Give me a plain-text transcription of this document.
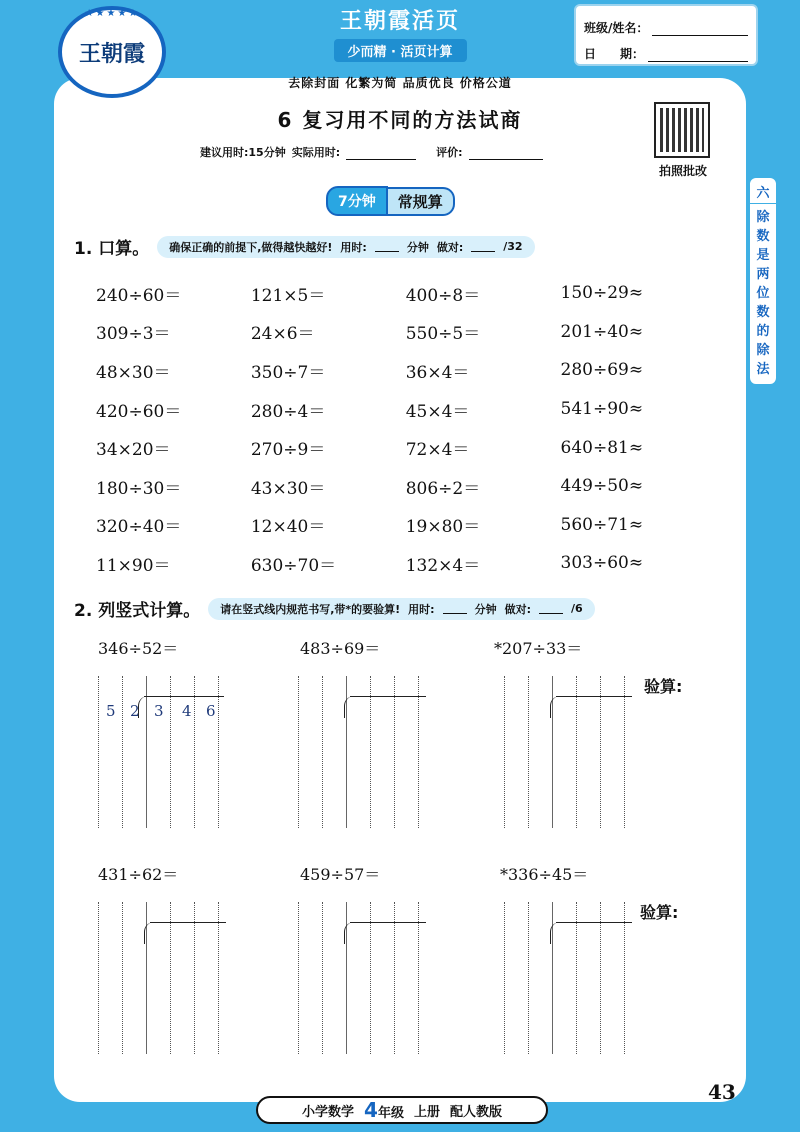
★★★★★
王朝霞
王朝霞活页
少而精 · 活页计算
班级/姓名：
日　　期：
去除封面 化繁为简 品质优良 价格公道
6 复习用不同的方法试商
建议用时:15分钟 实际用时:	评价:
拍照批改
六
除
数
是
两
位
数
的
除
法
7分钟	常规算
1. 口算。 确保正确的前提下,做得越快越好! 用时:	分钟 做对:	/32
240÷60＝	121×5＝	400÷8＝	150÷29≈
309÷3＝	24×6＝	550÷5＝	201÷40≈
48×30＝	350÷7＝	36×4＝	280÷69≈
420÷60＝	280÷4＝	45×4＝	541÷90≈
34×20＝	270÷9＝	72×4＝	640÷81≈
180÷30＝	43×30＝	806÷2＝	449÷50≈
320÷40＝	12×40＝	19×80＝	560÷71≈
11×90＝	630÷70＝	132×4＝	303÷60≈
2. 列竖式计算。 请在竖式线内规范书写,带*的要验算! 用时:	分钟 做对:	/6
346÷52＝	483÷69＝	*207÷33＝
验算:
431÷62＝	459÷57＝	*336÷45＝
验算:
5 2 3 4 6
小学数学 4年级 上册 配人教版
43
